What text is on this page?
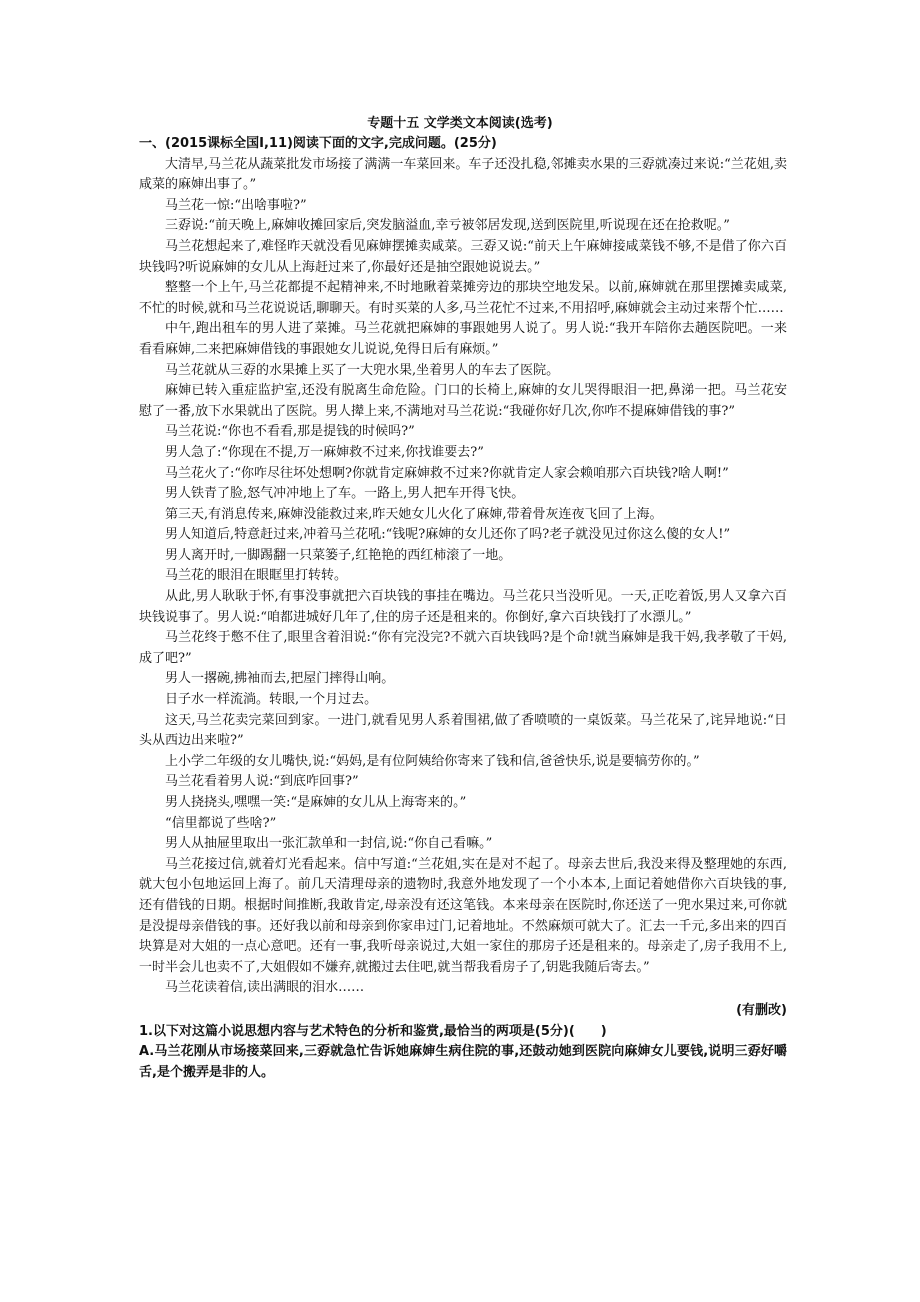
专题十五 文学类文本阅读(选考)

一、(2015课标全国Ⅰ,11)阅读下面的文字,完成问题。(25分)

大清早,马兰花从蔬菜批发市场接了满满一车菜回来。车子还没扎稳,邻摊卖水果的三孬就凑过来说:“兰花姐,卖咸菜的麻婶出事了。”

马兰花一惊:“出啥事啦?”

三孬说:“前天晚上,麻婶收摊回家后,突发脑溢血,幸亏被邻居发现,送到医院里,听说现在还在抢救呢。”

马兰花想起来了,难怪昨天就没看见麻婶摆摊卖咸菜。三孬又说:“前天上午麻婶接咸菜钱不够,不是借了你六百块钱吗?听说麻婶的女儿从上海赶过来了,你最好还是抽空跟她说说去。”

整整一个上午,马兰花都提不起精神来,不时地瞅着菜摊旁边的那块空地发呆。以前,麻婶就在那里摆摊卖咸菜,不忙的时候,就和马兰花说说话,聊聊天。有时买菜的人多,马兰花忙不过来,不用招呼,麻婶就会主动过来帮个忙……

中午,跑出租车的男人进了菜摊。马兰花就把麻婶的事跟她男人说了。男人说:“我开车陪你去趟医院吧。一来看看麻婶,二来把麻婶借钱的事跟她女儿说说,免得日后有麻烦。”

马兰花就从三孬的水果摊上买了一大兜水果,坐着男人的车去了医院。

麻婶已转入重症监护室,还没有脱离生命危险。门口的长椅上,麻婶的女儿哭得眼泪一把,鼻涕一把。马兰花安慰了一番,放下水果就出了医院。男人撵上来,不满地对马兰花说:“我碰你好几次,你咋不提麻婶借钱的事?”

马兰花说:“你也不看看,那是提钱的时候吗?”

男人急了:“你现在不提,万一麻婶救不过来,你找谁要去?”

马兰花火了:“你咋尽往坏处想啊?你就肯定麻婶救不过来?你就肯定人家会赖咱那六百块钱?啥人啊!”

男人铁青了脸,怒气冲冲地上了车。一路上,男人把车开得飞快。

第三天,有消息传来,麻婶没能救过来,昨天她女儿火化了麻婶,带着骨灰连夜飞回了上海。

男人知道后,特意赶过来,冲着马兰花吼:“钱呢?麻婶的女儿还你了吗?老子就没见过你这么傻的女人!”

男人离开时,一脚踢翻一只菜篓子,红艳艳的西红柿滚了一地。

马兰花的眼泪在眼眶里打转转。

从此,男人耿耿于怀,有事没事就把六百块钱的事挂在嘴边。马兰花只当没听见。一天,正吃着饭,男人又拿六百块钱说事了。男人说:“咱都进城好几年了,住的房子还是租来的。你倒好,拿六百块钱打了水漂儿。”

马兰花终于憋不住了,眼里含着泪说:“你有完没完?不就六百块钱吗?是个命!就当麻婶是我干妈,我孝敬了干妈,成了吧?”

男人一撂碗,拂袖而去,把屋门摔得山响。

日子水一样流淌。转眼,一个月过去。

这天,马兰花卖完菜回到家。一进门,就看见男人系着围裙,做了香喷喷的一桌饭菜。马兰花呆了,诧异地说:“日头从西边出来啦?”

上小学二年级的女儿嘴快,说:“妈妈,是有位阿姨给你寄来了钱和信,爸爸快乐,说是要犒劳你的。”

马兰花看着男人说:“到底咋回事?”

男人挠挠头,嘿嘿一笑:“是麻婶的女儿从上海寄来的。”

“信里都说了些啥?”

男人从抽屉里取出一张汇款单和一封信,说:“你自己看嘛。”

马兰花接过信,就着灯光看起来。信中写道:“兰花姐,实在是对不起了。母亲去世后,我没来得及整理她的东西,就大包小包地运回上海了。前几天清理母亲的遗物时,我意外地发现了一个小本本,上面记着她借你六百块钱的事,还有借钱的日期。根据时间推断,我敢肯定,母亲没有还这笔钱。本来母亲在医院时,你还送了一兜水果过来,可你就是没提母亲借钱的事。还好我以前和母亲到你家串过门,记着地址。不然麻烦可就大了。汇去一千元,多出来的四百块算是对大姐的一点心意吧。还有一事,我听母亲说过,大姐一家住的那房子还是租来的。母亲走了,房子我用不上,一时半会儿也卖不了,大姐假如不嫌弃,就搬过去住吧,就当帮我看房子了,钥匙我随后寄去。”

马兰花读着信,读出满眼的泪水……

(有删改)

1.以下对这篇小说思想内容与艺术特色的分析和鉴赏,最恰当的两项是(5分)(　　)

A.马兰花刚从市场接菜回来,三孬就急忙告诉她麻婶生病住院的事,还鼓动她到医院向麻婶女儿要钱,说明三孬好嚼舌,是个搬弄是非的人。
